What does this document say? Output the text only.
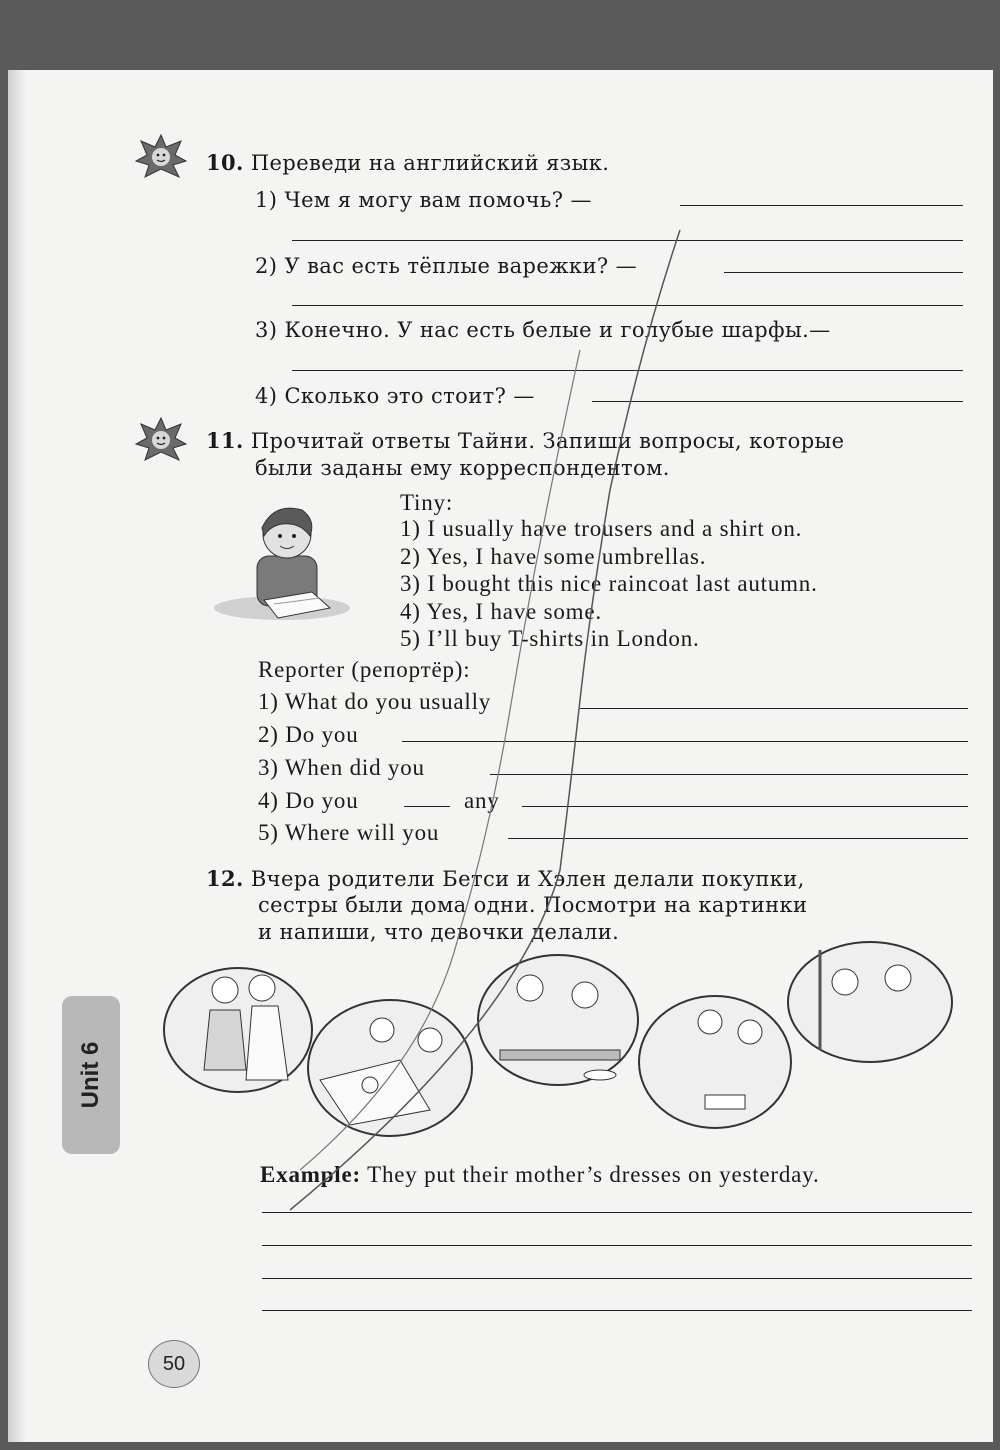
10. Переведи на английский язык.
1) Чем я могу вам помочь? —
2) У вас есть тёплые варежки? —
3) Конечно. У нас есть белые и голубые шарфы.—
4) Сколько это стоит? —
11. Прочитай ответы Тайни. Запиши вопросы, которые
были заданы ему корреспондентом.
Tiny:
1) I usually have trousers and a shirt on.
2) Yes, I have some umbrellas.
3) I bought this nice raincoat last autumn.
4) Yes, I have some.
5) I’ll buy T-shirts in London.
Reporter (репортёр):
1) What do you usually
2) Do you
3) When did you
4) Do you	any
5) Where will you
12. Вчера родители Бетси и Хэлен делали покупки,
сестры были дома одни. Посмотри на картинки
и напиши, что девочки делали.
Example: They put their mother’s dresses on yesterday.
Unit 6
50
